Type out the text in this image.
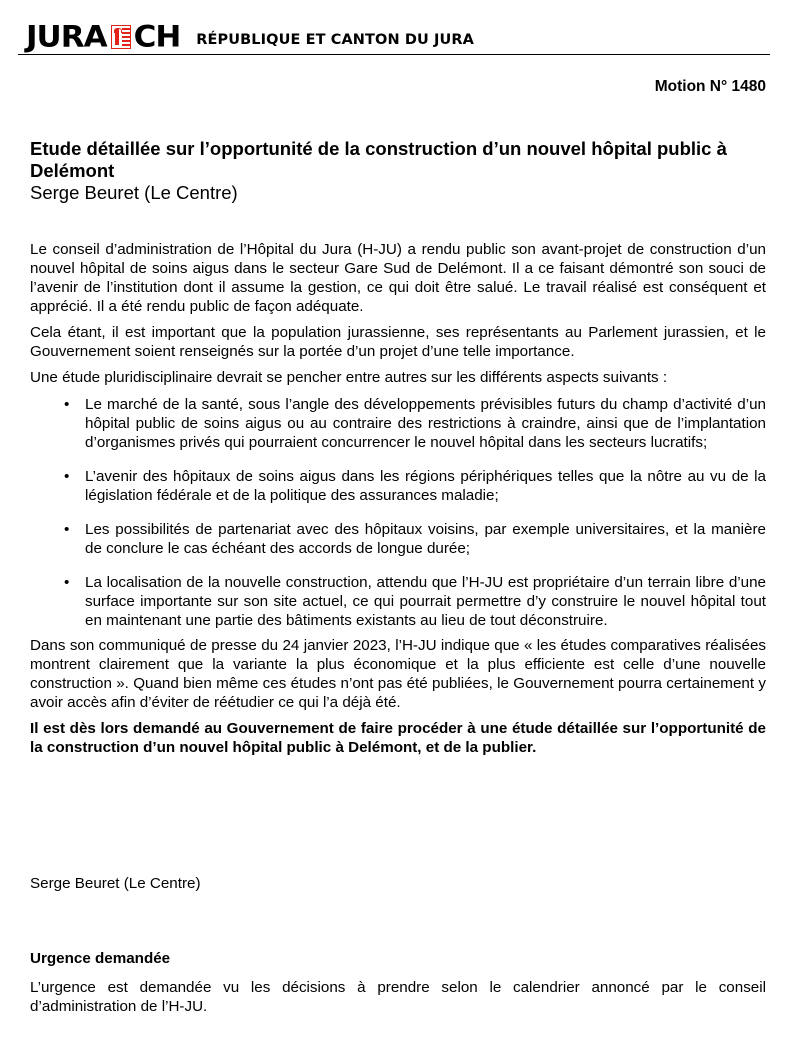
JURA CH RÉPUBLIQUE ET CANTON DU JURA
Motion N° 1480
Etude détaillée sur l’opportunité de la construction d’un nouvel hôpital public à Delémont
Serge Beuret (Le Centre)

Le conseil d’administration de l’Hôpital du Jura (H-JU) a rendu public son avant-projet de construction d’un nouvel hôpital de soins aigus dans le secteur Gare Sud de Delémont. Il a ce faisant démontré son souci de l’avenir de l’institution dont il assume la gestion, ce qui doit être salué. Le travail réalisé est conséquent et apprécié. Il a été rendu public de façon adéquate.

Cela étant, il est important que la population jurassienne, ses représentants au Parlement jurassien, et le Gouvernement soient renseignés sur la portée d’un projet d’une telle importance.

Une étude pluridisciplinaire devrait se pencher entre autres sur les différents aspects suivants :

• Le marché de la santé, sous l’angle des développements prévisibles futurs du champ d’activité d’un hôpital public de soins aigus ou au contraire des restrictions à craindre, ainsi que de l’implantation d’organismes privés qui pourraient concurrencer le nouvel hôpital dans les secteurs lucratifs;
• L’avenir des hôpitaux de soins aigus dans les régions périphériques telles que la nôtre au vu de la législation fédérale et de la politique des assurances maladie;
• Les possibilités de partenariat avec des hôpitaux voisins, par exemple universitaires, et la manière de conclure le cas échéant des accords de longue durée;
• La localisation de la nouvelle construction, attendu que l’H-JU est propriétaire d’un terrain libre d’une surface importante sur son site actuel, ce qui pourrait permettre d’y construire le nouvel hôpital tout en maintenant une partie des bâtiments existants au lieu de tout déconstruire.

Dans son communiqué de presse du 24 janvier 2023, l’H-JU indique que « les études comparatives réalisées montrent clairement que la variante la plus économique et la plus efficiente est celle d’une nouvelle construction ». Quand bien même ces études n’ont pas été publiées, le Gouvernement pourra certainement y avoir accès afin d’éviter de réétudier ce qui l’a déjà été.

Il est dès lors demandé au Gouvernement de faire procéder à une étude détaillée sur l’opportunité de la construction d’un nouvel hôpital public à Delémont, et de la publier.

Serge Beuret (Le Centre)
Urgence demandée
L’urgence est demandée vu les décisions à prendre selon le calendrier annoncé par le conseil d’administration de l’H-JU.
